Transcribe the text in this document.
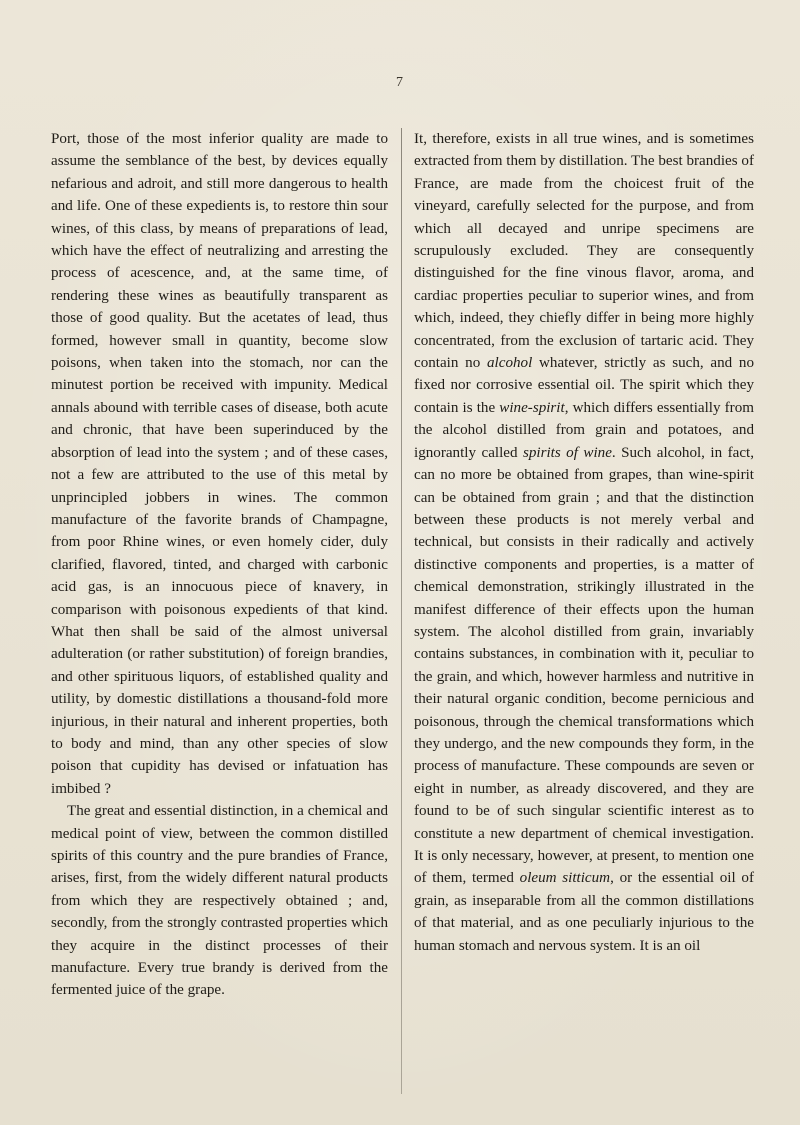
7

Port, those of the most inferior quality are made to assume the semblance of the best, by devices equally nefarious and adroit, and still more dangerous to health and life. One of these expedients is, to restore thin sour wines, of this class, by means of preparations of lead, which have the effect of neutralizing and arresting the process of acescence, and, at the same time, of rendering these wines as beautifully transparent as those of good quality. But the acetates of lead, thus formed, however small in quantity, become slow poisons, when taken into the stomach, nor can the minutest portion be received with impunity. Medical annals abound with terrible cases of disease, both acute and chronic, that have been superinduced by the absorption of lead into the system ; and of these cases, not a few are attributed to the use of this metal by unprincipled jobbers in wines. The common manufacture of the favorite brands of Champagne, from poor Rhine wines, or even homely cider, duly clarified, flavored, tinted, and charged with carbonic acid gas, is an innocuous piece of knavery, in comparison with poisonous expedients of that kind. What then shall be said of the almost universal adulteration (or rather substitution) of foreign brandies, and other spirituous liquors, of established quality and utility, by domestic distillations a thousand-fold more injurious, in their natural and inherent properties, both to body and mind, than any other species of slow poison that cupidity has devised or infatuation has imbibed ?

The great and essential distinction, in a chemical and medical point of view, between the common distilled spirits of this country and the pure brandies of France, arises, first, from the widely different natural products from which they are respectively obtained ; and, secondly, from the strongly contrasted properties which they acquire in the distinct processes of their manufacture. Every true brandy is derived from the fermented juice of the grape.

It, therefore, exists in all true wines, and is sometimes extracted from them by distillation. The best brandies of France, are made from the choicest fruit of the vineyard, carefully selected for the purpose, and from which all decayed and unripe specimens are scrupulously excluded. They are consequently distinguished for the fine vinous flavor, aroma, and cardiac properties peculiar to superior wines, and from which, indeed, they chiefly differ in being more highly concentrated, from the exclusion of tartaric acid. They contain no alcohol whatever, strictly as such, and no fixed nor corrosive essential oil. The spirit which they contain is the wine-spirit, which differs essentially from the alcohol distilled from grain and potatoes, and ignorantly called spirits of wine. Such alcohol, in fact, can no more be obtained from grapes, than wine-spirit can be obtained from grain ; and that the distinction between these products is not merely verbal and technical, but consists in their radically and actively distinctive components and properties, is a matter of chemical demonstration, strikingly illustrated in the manifest difference of their effects upon the human system. The alcohol distilled from grain, invariably contains substances, in combination with it, peculiar to the grain, and which, however harmless and nutritive in their natural organic condition, become pernicious and poisonous, through the chemical transformations which they undergo, and the new compounds they form, in the process of manufacture. These compounds are seven or eight in number, as already discovered, and they are found to be of such singular scientific interest as to constitute a new department of chemical investigation. It is only necessary, however, at present, to mention one of them, termed oleum sitticum, or the essential oil of grain, as inseparable from all the common distillations of that material, and as one peculiarly injurious to the human stomach and nervous system. It is an oil
